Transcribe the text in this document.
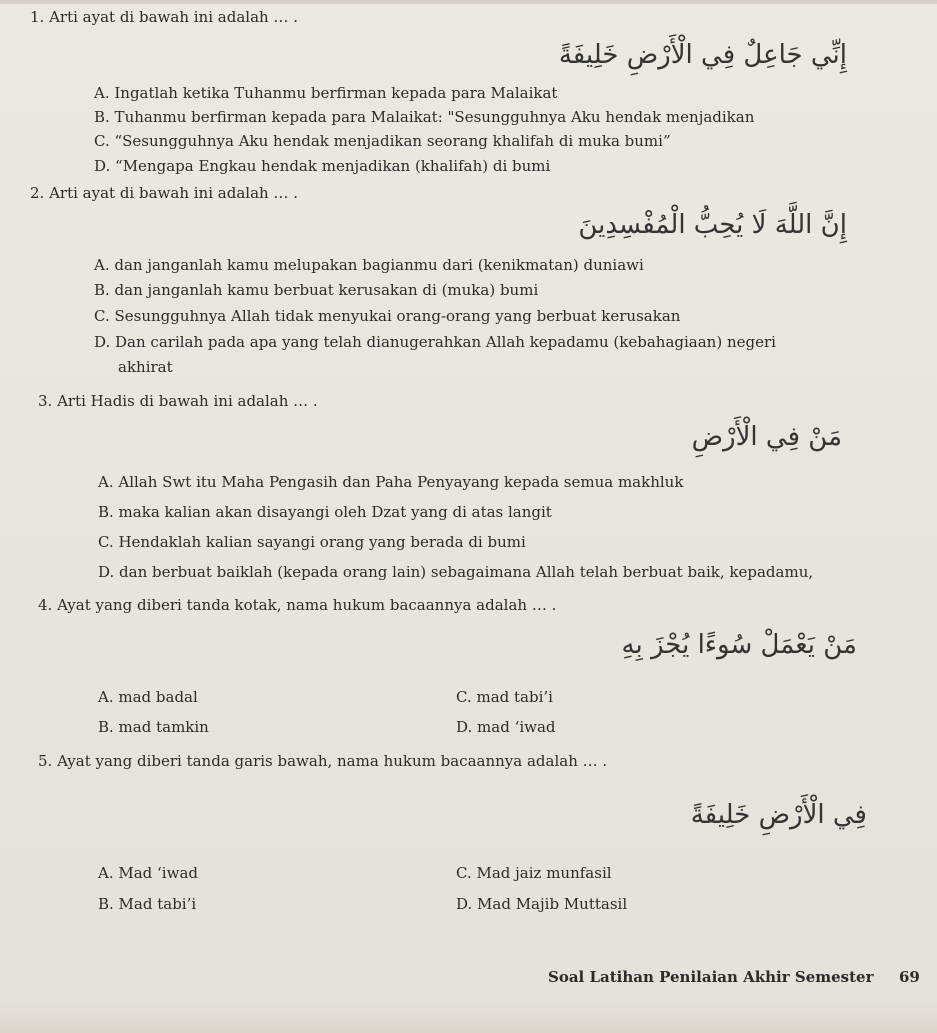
1. Arti ayat di bawah ini adalah … .
إِنِّي جَاعِلٌ فِي الْأَرْضِ خَلِيفَةً
A. Ingatlah ketika Tuhanmu berfirman kepada para Malaikat
B. Tuhanmu berfirman kepada para Malaikat: "Sesungguhnya Aku hendak menjadikan
C. “Sesungguhnya Aku hendak menjadikan seorang khalifah di muka bumi”
D. “Mengapa Engkau hendak menjadikan (khalifah) di bumi
2. Arti ayat di bawah ini adalah … .
إِنَّ اللَّهَ لَا يُحِبُّ الْمُفْسِدِينَ
A. dan janganlah kamu melupakan bagianmu dari (kenikmatan) duniawi
B. dan janganlah kamu berbuat kerusakan di (muka) bumi
C. Sesungguhnya Allah tidak menyukai orang-orang yang berbuat kerusakan
D. Dan carilah pada apa yang telah dianugerahkan Allah kepadamu (kebahagiaan) negeri
akhirat
3. Arti Hadis di bawah ini adalah … .
مَنْ فِي الْأَرْضِ
A. Allah Swt itu Maha Pengasih dan Paha Penyayang kepada semua makhluk
B. maka kalian akan disayangi oleh Dzat yang di atas langit
C. Hendaklah kalian sayangi orang yang berada di bumi
D. dan berbuat baiklah (kepada orang lain) sebagaimana Allah telah berbuat baik, kepadamu,
4. Ayat yang diberi tanda kotak, nama hukum bacaannya adalah … .
مَنْ يَعْمَلْ سُوءًا يُجْزَ بِهِ
A. mad badal	C. mad tabi’i
B. mad tamkin	D. mad ‘iwad
5. Ayat yang diberi tanda garis bawah, nama hukum bacaannya adalah … .
فِي الْأَرْضِ خَلِيفَةً
A. Mad ‘iwad	C. Mad jaiz munfasil
B. Mad tabi’i	D. Mad Majib Muttasil
Soal Latihan Penilaian Akhir Semester 69
